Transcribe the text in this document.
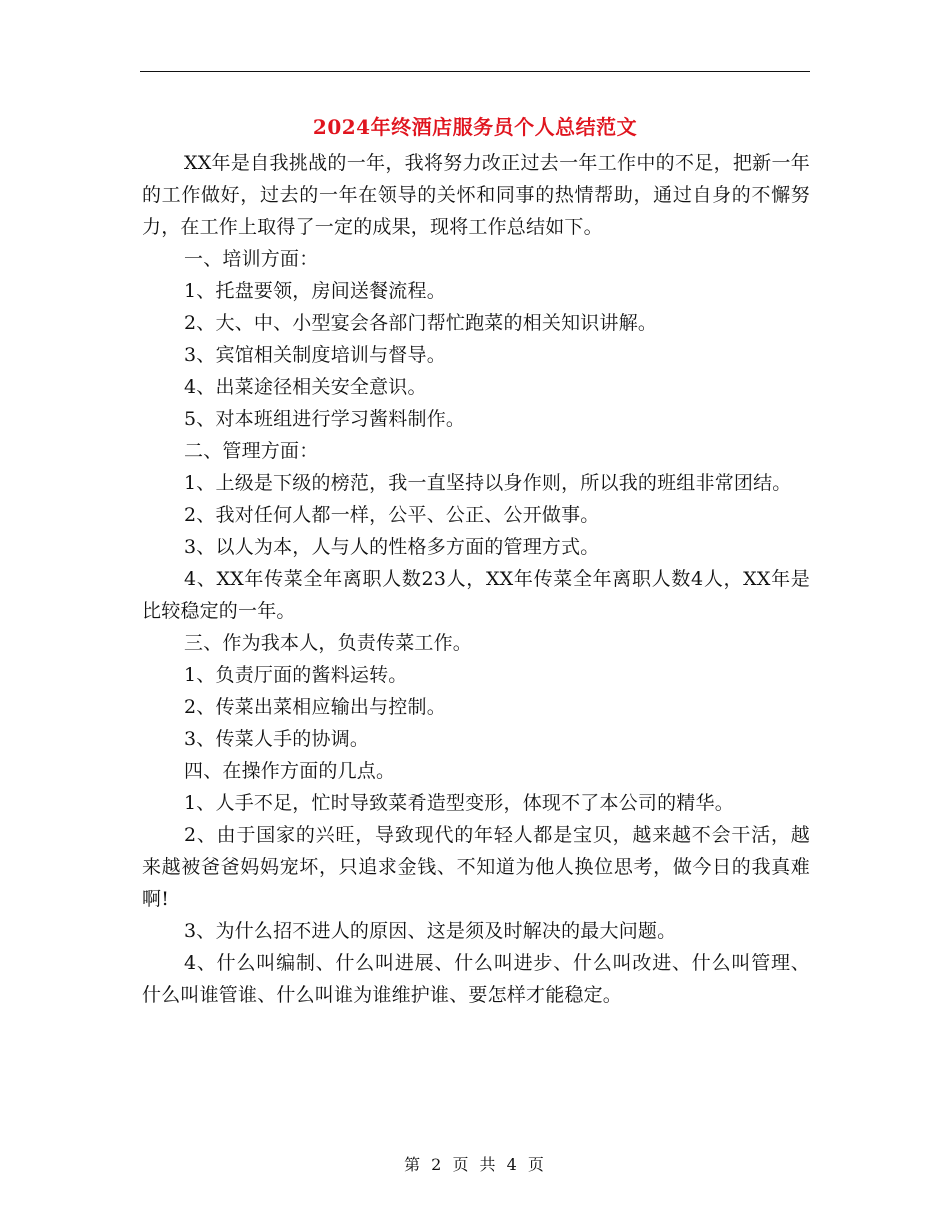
2024年终酒店服务员个人总结范文

XX年是自我挑战的一年，我将努力改正过去一年工作中的不足，把新一年的工作做好，过去的一年在领导的关怀和同事的热情帮助，通过自身的不懈努力，在工作上取得了一定的成果，现将工作总结如下。

一、培训方面：

1、托盘要领，房间送餐流程。

2、大、中、小型宴会各部门帮忙跑菜的相关知识讲解。

3、宾馆相关制度培训与督导。

4、出菜途径相关安全意识。

5、对本班组进行学习酱料制作。

二、管理方面：

1、上级是下级的榜范，我一直坚持以身作则，所以我的班组非常团结。

2、我对任何人都一样，公平、公正、公开做事。

3、以人为本，人与人的性格多方面的管理方式。

4、XX年传菜全年离职人数23人，XX年传菜全年离职人数4人，XX年是比较稳定的一年。

三、作为我本人，负责传菜工作。

1、负责厅面的酱料运转。

2、传菜出菜相应输出与控制。

3、传菜人手的协调。

四、在操作方面的几点。

1、人手不足，忙时导致菜肴造型变形，体现不了本公司的精华。

2、由于国家的兴旺，导致现代的年轻人都是宝贝，越来越不会干活，越来越被爸爸妈妈宠坏，只追求金钱、不知道为他人换位思考，做今日的我真难啊!

3、为什么招不进人的原因、这是须及时解决的最大问题。

4、什么叫编制、什么叫进展、什么叫进步、什么叫改进、什么叫管理、什么叫谁管谁、什么叫谁为谁维护谁、要怎样才能稳定。

第 2 页 共 4 页
